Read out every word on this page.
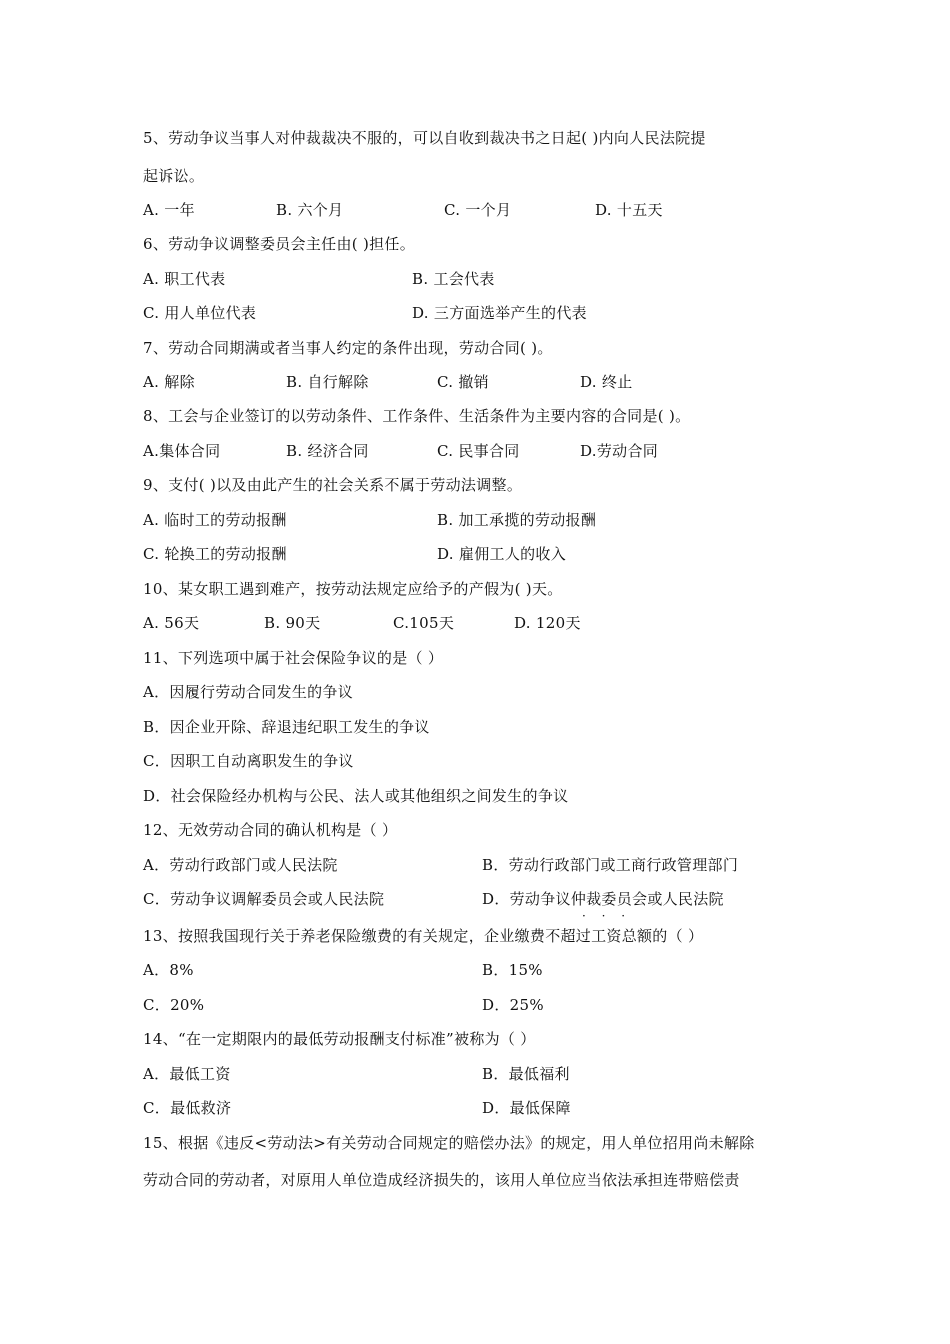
5、劳动争议当事人对仲裁裁决不服的，可以自收到裁决书之日起( )内向人民法院提
起诉讼。
A. 一年	B. 六个月	C. 一个月	D. 十五天
6、劳动争议调整委员会主任由( )担任。
A. 职工代表	B. 工会代表
C. 用人单位代表	D. 三方面选举产生的代表
7、劳动合同期满或者当事人约定的条件出现，劳动合同( )。
A. 解除	B. 自行解除	C. 撤销	D. 终止
8、工会与企业签订的以劳动条件、工作条件、生活条件为主要内容的合同是( )。
A.集体合同	B. 经济合同	C. 民事合同	D.劳动合同
9、支付( )以及由此产生的社会关系不属于劳动法调整。
A. 临时工的劳动报酬	B. 加工承揽的劳动报酬
C. 轮换工的劳动报酬	D. 雇佣工人的收入
10、某女职工遇到难产，按劳动法规定应给予的产假为( )天。
A. 56天	B. 90天	C.105天	D. 120天
11、下列选项中属于社会保险争议的是（ ）
A．因履行劳动合同发生的争议
B．因企业开除、辞退违纪职工发生的争议
C．因职工自动离职发生的争议
D．社会保险经办机构与公民、法人或其他组织之间发生的争议
12、无效劳动合同的确认机构是（ ）
A．劳动行政部门或人民法院	B．劳动行政部门或工商行政管理部门
C．劳动争议调解委员会或人民法院	D．劳动争议仲裁委员会或人民法院
· · ·
13、按照我国现行关于养老保险缴费的有关规定，企业缴费不超过工资总额的（ ）
A．8%	B．15%
C．20%	D．25%
14、“在一定期限内的最低劳动报酬支付标准”被称为（ ）
A．最低工资	B．最低福利
C．最低救济	D．最低保障
15、根据《违反<劳动法>有关劳动合同规定的赔偿办法》的规定，用人单位招用尚未解除
劳动合同的劳动者，对原用人单位造成经济损失的，该用人单位应当依法承担连带赔偿责
